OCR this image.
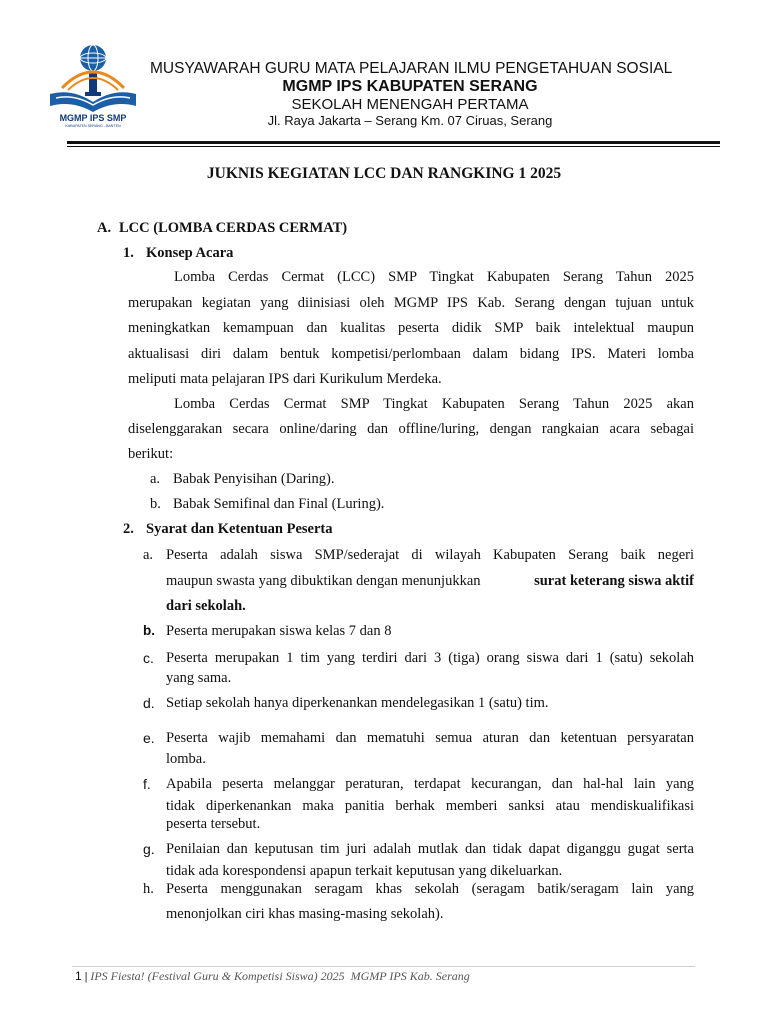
MGMP IPS SMP
KABUPATEN SERANG - BANTEN
MUSYAWARAH GURU MATA PELAJARAN ILMU PENGETAHUAN SOSIAL
MGMP IPS KABUPATEN SERANG
SEKOLAH MENENGAH PERTAMA
Jl. Raya Jakarta – Serang Km. 07 Ciruas, Serang
JUKNIS KEGIATAN LCC DAN RANGKING 1 2025
A. LCC (LOMBA CERDAS CERMAT)
1. Konsep Acara
Lomba Cerdas Cermat (LCC) SMP Tingkat Kabupaten Serang Tahun 2025
merupakan kegiatan yang diinisiasi oleh MGMP IPS Kab. Serang dengan tujuan untuk
meningkatkan kemampuan dan kualitas peserta didik SMP baik intelektual maupun
aktualisasi diri dalam bentuk kompetisi/perlombaan dalam bidang IPS. Materi lomba
meliputi mata pelajaran IPS dari Kurikulum Merdeka.
Lomba Cerdas Cermat SMP Tingkat Kabupaten Serang Tahun 2025 akan
diselenggarakan secara online/daring dan offline/luring, dengan rangkaian acara sebagai
berikut:
a. Babak Penyisihan (Daring).
b. Babak Semifinal dan Final (Luring).
2. Syarat dan Ketentuan Peserta
a. Peserta adalah siswa SMP/sederajat di wilayah Kabupaten Serang baik negeri
maupun swasta yang dibuktikan dengan menunjukkan	surat keterang siswa aktif
dari sekolah.
b. Peserta merupakan siswa kelas 7 dan 8
c. Peserta merupakan 1 tim yang terdiri dari 3 (tiga) orang siswa dari 1 (satu) sekolah
yang sama.
d. Setiap sekolah hanya diperkenankan mendelegasikan 1 (satu) tim.
e. Peserta wajib memahami dan mematuhi semua aturan dan ketentuan persyaratan
lomba.
f. Apabila peserta melanggar peraturan, terdapat kecurangan, dan hal-hal lain yang
tidak diperkenankan maka panitia berhak memberi sanksi atau mendiskualifikasi
peserta tersebut.
g. Penilaian dan keputusan tim juri adalah mutlak dan tidak dapat diganggu gugat serta
tidak ada korespondensi apapun terkait keputusan yang dikeluarkan.
h. Peserta menggunakan seragam khas sekolah (seragam batik/seragam lain yang
menonjolkan ciri khas masing-masing sekolah).
1 | IPS Fiesta! (Festival Guru & Kompetisi Siswa) 2025  MGMP IPS Kab. Serang
